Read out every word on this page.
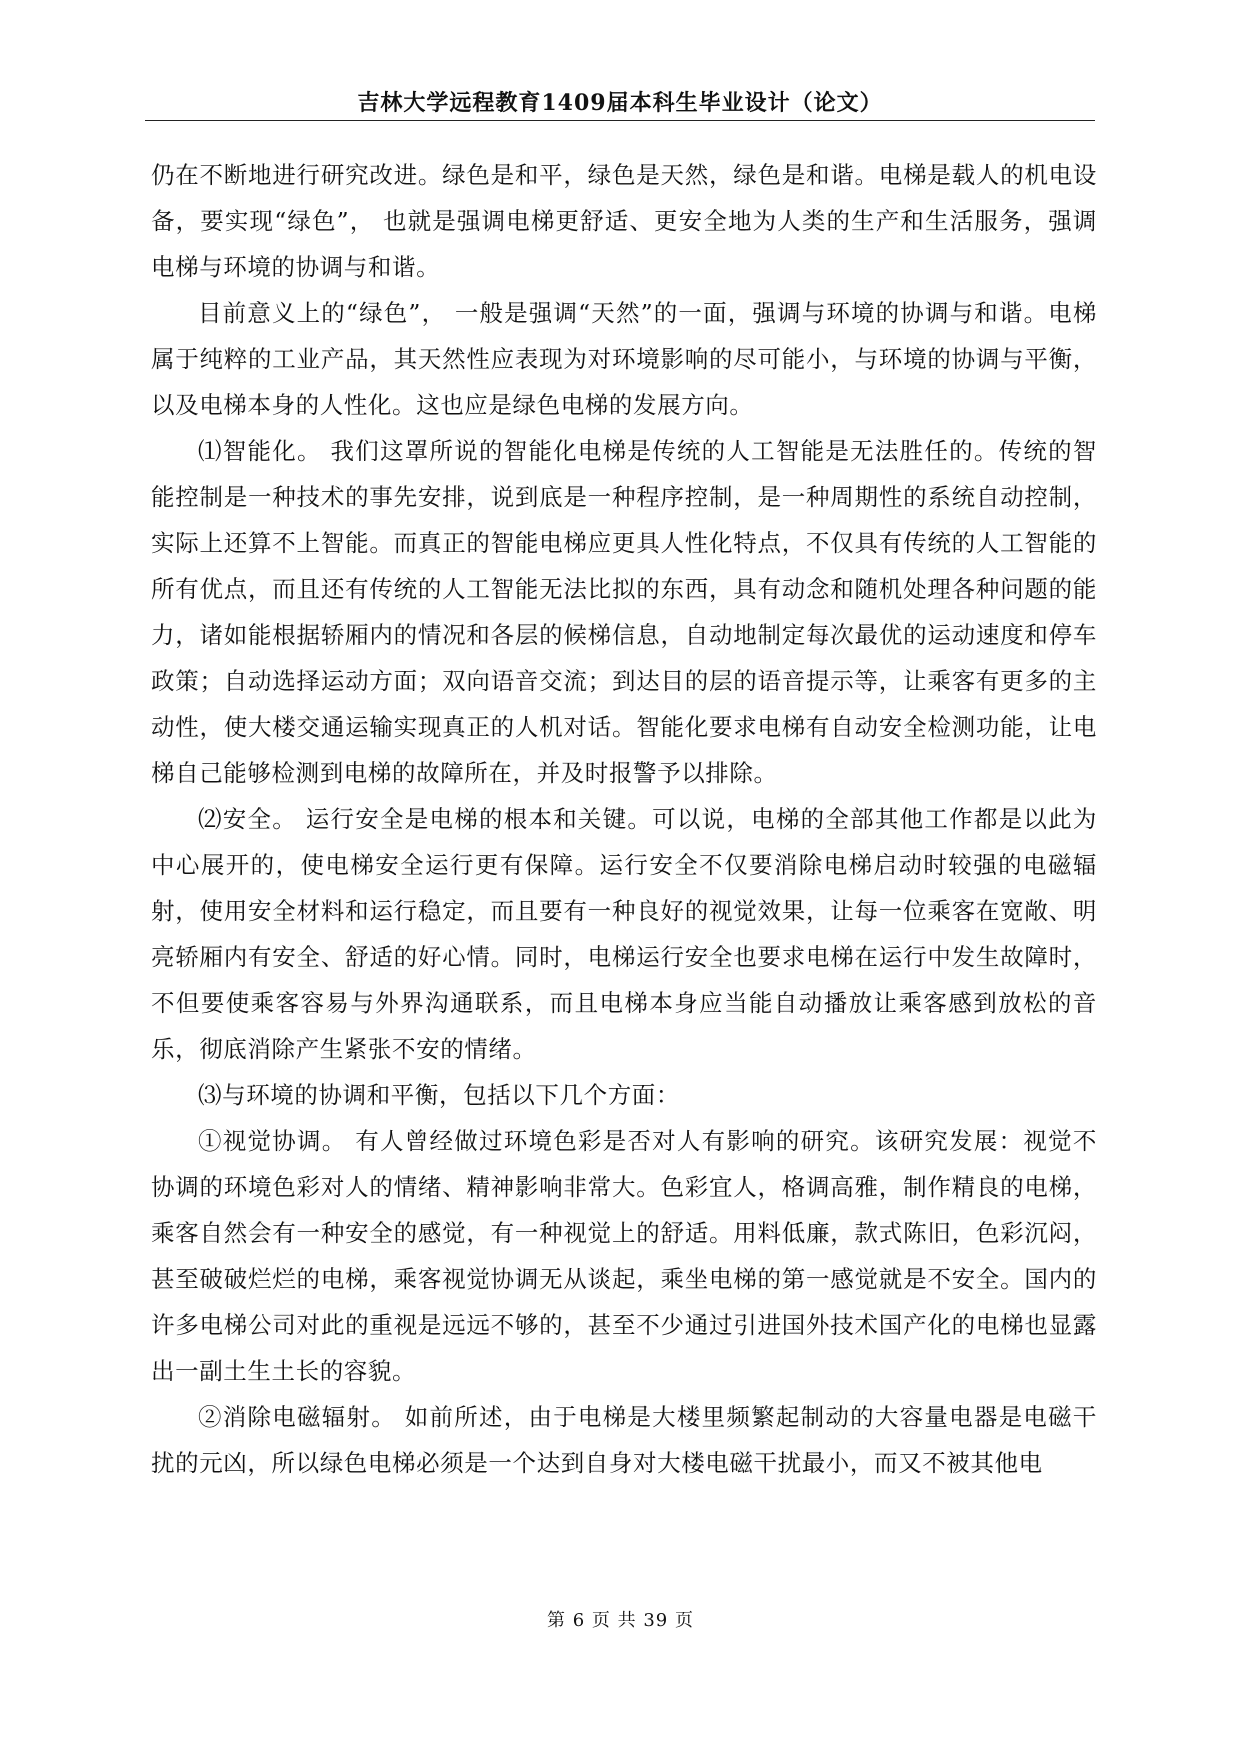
吉林大学远程教育1409届本科生毕业设计（论文）

仍在不断地进行研究改进。绿色是和平，绿色是天然，绿色是和谐。电梯是载人的机电设备，要实现“绿色”， 也就是强调电梯更舒适、更安全地为人类的生产和生活服务，强调电梯与环境的协调与和谐。

目前意义上的“绿色”， 一般是强调“天然”的一面，强调与环境的协调与和谐。电梯属于纯粹的工业产品，其天然性应表现为对环境影响的尽可能小，与环境的协调与平衡，以及电梯本身的人性化。这也应是绿色电梯的发展方向。

⑴智能化。 我们这罩所说的智能化电梯是传统的人工智能是无法胜任的。传统的智能控制是一种技术的事先安排，说到底是一种程序控制，是一种周期性的系统自动控制，实际上还算不上智能。而真正的智能电梯应更具人性化特点，不仅具有传统的人工智能的所有优点，而且还有传统的人工智能无法比拟的东西，具有动念和随机处理各种问题的能力，诸如能根据轿厢内的情况和各层的候梯信息，自动地制定每次最优的运动速度和停车政策；自动选择运动方面；双向语音交流；到达目的层的语音提示等，让乘客有更多的主动性，使大楼交通运输实现真正的人机对话。智能化要求电梯有自动安全检测功能，让电梯自己能够检测到电梯的故障所在，并及时报警予以排除。

⑵安全。 运行安全是电梯的根本和关键。可以说，电梯的全部其他工作都是以此为中心展开的，使电梯安全运行更有保障。运行安全不仅要消除电梯启动时较强的电磁辐射，使用安全材料和运行稳定，而且要有一种良好的视觉效果，让每一位乘客在宽敞、明亮轿厢内有安全、舒适的好心情。同时，电梯运行安全也要求电梯在运行中发生故障时，不但要使乘客容易与外界沟通联系，而且电梯本身应当能自动播放让乘客感到放松的音乐，彻底消除产生紧张不安的情绪。

⑶与环境的协调和平衡，包括以下几个方面：

①视觉协调。 有人曾经做过环境色彩是否对人有影响的研究。该研究发展：视觉不协调的环境色彩对人的情绪、精神影响非常大。色彩宜人，格调高雅，制作精良的电梯，乘客自然会有一种安全的感觉，有一种视觉上的舒适。用料低廉，款式陈旧，色彩沉闷，甚至破破烂烂的电梯，乘客视觉协调无从谈起，乘坐电梯的第一感觉就是不安全。国内的许多电梯公司对此的重视是远远不够的，甚至不少通过引进国外技术国产化的电梯也显露出一副土生土长的容貌。

②消除电磁辐射。 如前所述，由于电梯是大楼里频繁起制动的大容量电器是电磁干扰的元凶，所以绿色电梯必须是一个达到自身对大楼电磁干扰最小，而又不被其他电

第 6 页 共 39 页
